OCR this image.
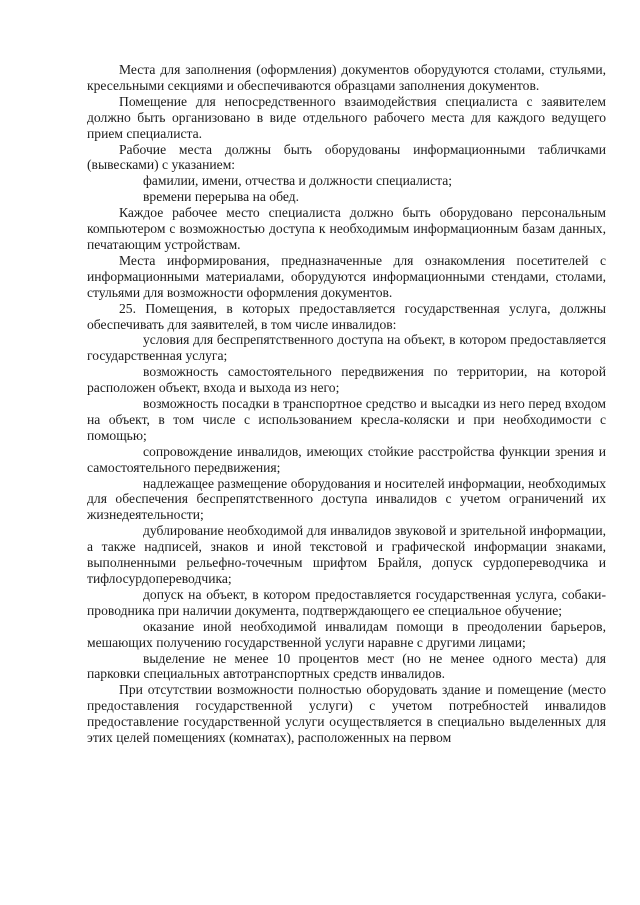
Места для заполнения (оформления) документов оборудуются столами, стульями, кресельными секциями и обеспечиваются образцами заполнения документов.

Помещение для непосредственного взаимодействия специалиста с заявителем должно быть организовано в виде отдельного рабочего места для каждого ведущего прием специалиста.

Рабочие места должны быть оборудованы информационными табличками (вывесками) с указанием:

фамилии, имени, отчества и должности специалиста;

времени перерыва на обед.

Каждое рабочее место специалиста должно быть оборудовано персональным компьютером с возможностью доступа к необходимым информационным базам данных, печатающим устройствам.

Места информирования, предназначенные для ознакомления посетителей с информационными материалами, оборудуются информационными стендами, столами, стульями для возможности оформления документов.

25. Помещения, в которых предоставляется государственная услуга, должны обеспечивать для заявителей, в том числе инвалидов:

условия для беспрепятственного доступа на объект, в котором предоставляется государственная услуга;

возможность самостоятельного передвижения по территории, на которой расположен объект, входа и выхода из него;

возможность посадки в транспортное средство и высадки из него перед входом на объект, в том числе с использованием кресла-коляски и при необходимости с помощью;

сопровождение инвалидов, имеющих стойкие расстройства функции зрения и самостоятельного передвижения;

надлежащее размещение оборудования и носителей информации, необходимых для обеспечения беспрепятственного доступа инвалидов с учетом ограничений их жизнедеятельности;

дублирование необходимой для инвалидов звуковой и зрительной информации, а также надписей, знаков и иной текстовой и графической информации знаками, выполненными рельефно-точечным шрифтом Брайля, допуск сурдопереводчика и тифлосурдопереводчика;

допуск на объект, в котором предоставляется государственная услуга, собаки-проводника при наличии документа, подтверждающего ее специальное обучение;

оказание иной необходимой инвалидам помощи в преодолении барьеров, мешающих получению государственной услуги наравне с другими лицами;

выделение не менее 10 процентов мест (но не менее одного места) для парковки специальных автотранспортных средств инвалидов.

При отсутствии возможности полностью оборудовать здание и помещение (место предоставления государственной услуги) с учетом потребностей инвалидов предоставление государственной услуги осуществляется в специально выделенных для этих целей помещениях (комнатах), расположенных на первом
